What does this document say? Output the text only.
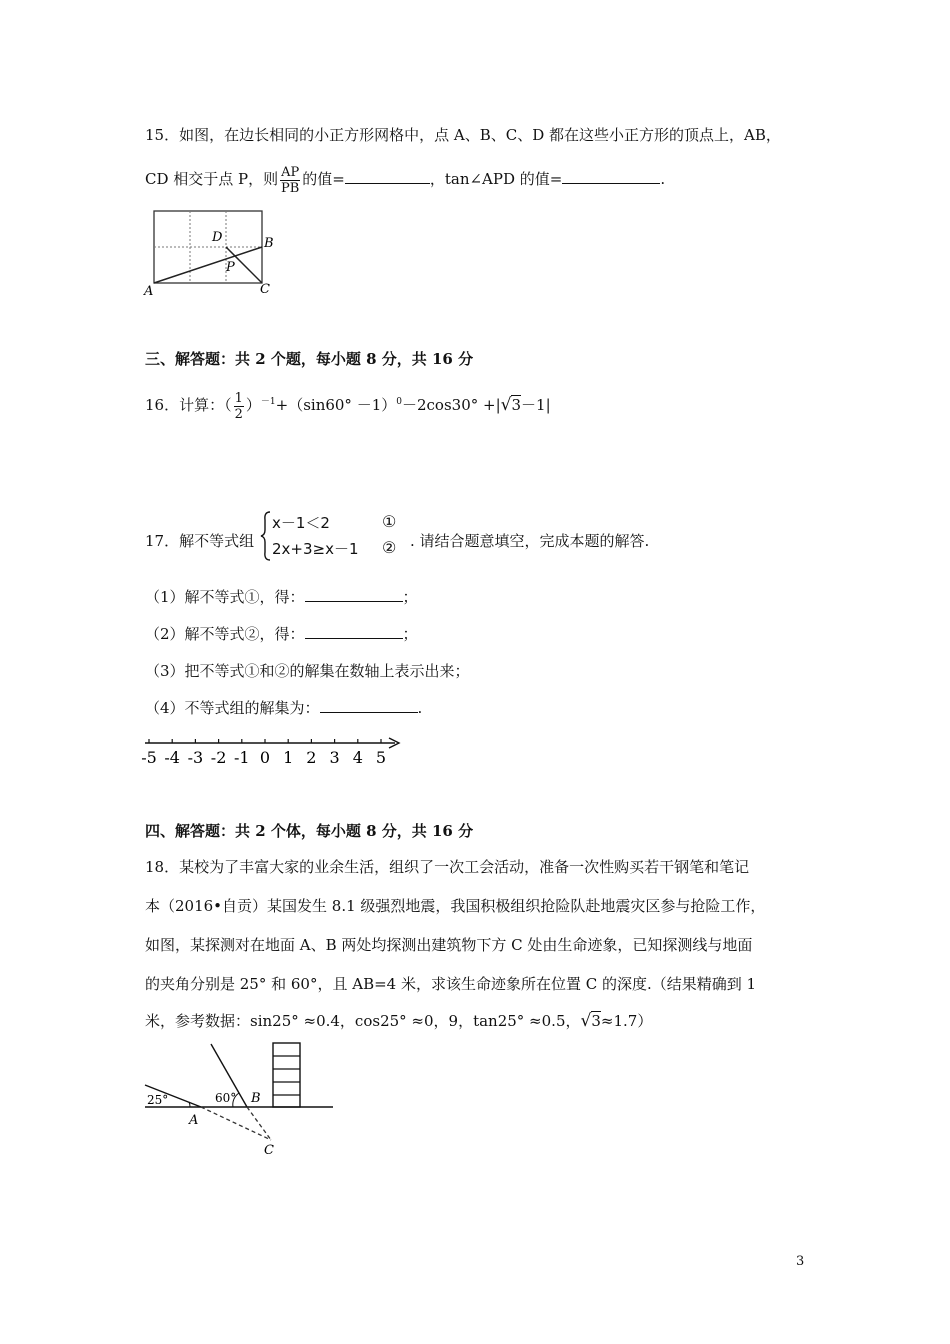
15．如图，在边长相同的小正方形网格中，点 A、B、C、D 都在这些小正方形的顶点上，AB，
CD 相交于点 P，则 $\frac{AP}{PB}$ 的值=	，tan∠APD 的值=	.
A
B
C
D
P
三、解答题：共 2 个题，每小题 8 分，共 16 分
16．计算：（ $\frac{1}{2} )^{-1}+(\sin 60^\circ -1)^0-2\cos 30^\circ +|√3-1|$
17．解不等式组
x－1＜2	①
2x+3≥x－1 ② . 请结合题意填空，完成本题的解答.
（1）解不等式①，得：	；
（2）解不等式②，得：	；
（3）把不等式①和②的解集在数轴上表示出来；
（4）不等式组的解集为：	.
-5 -4 -3 -2 -1 0 1 2 3 4 5
四、解答题：共 2 个体，每小题 8 分，共 16 分
18．某校为了丰富大家的业余生活，组织了一次工会活动，准备一次性购买若干钢笔和笔记
本（2016•自贡）某国发生 8.1 级强烈地震，我国积极组织抢险队赴地震灾区参与抢险工作，
如图，某探测对在地面 A、B 两处均探测出建筑物下方 C 处由生命迹象，已知探测线与地面
的夹角分别是 25° 和 60°，且 AB=4 米，求该生命迹象所在位置 C 的深度.（结果精确到 1
米，参考数据：sin25° ≈0.4，cos25° ≈0，9，tan25° ≈0.5，√3≈1.7）
25°	60°
A
B
C
3
